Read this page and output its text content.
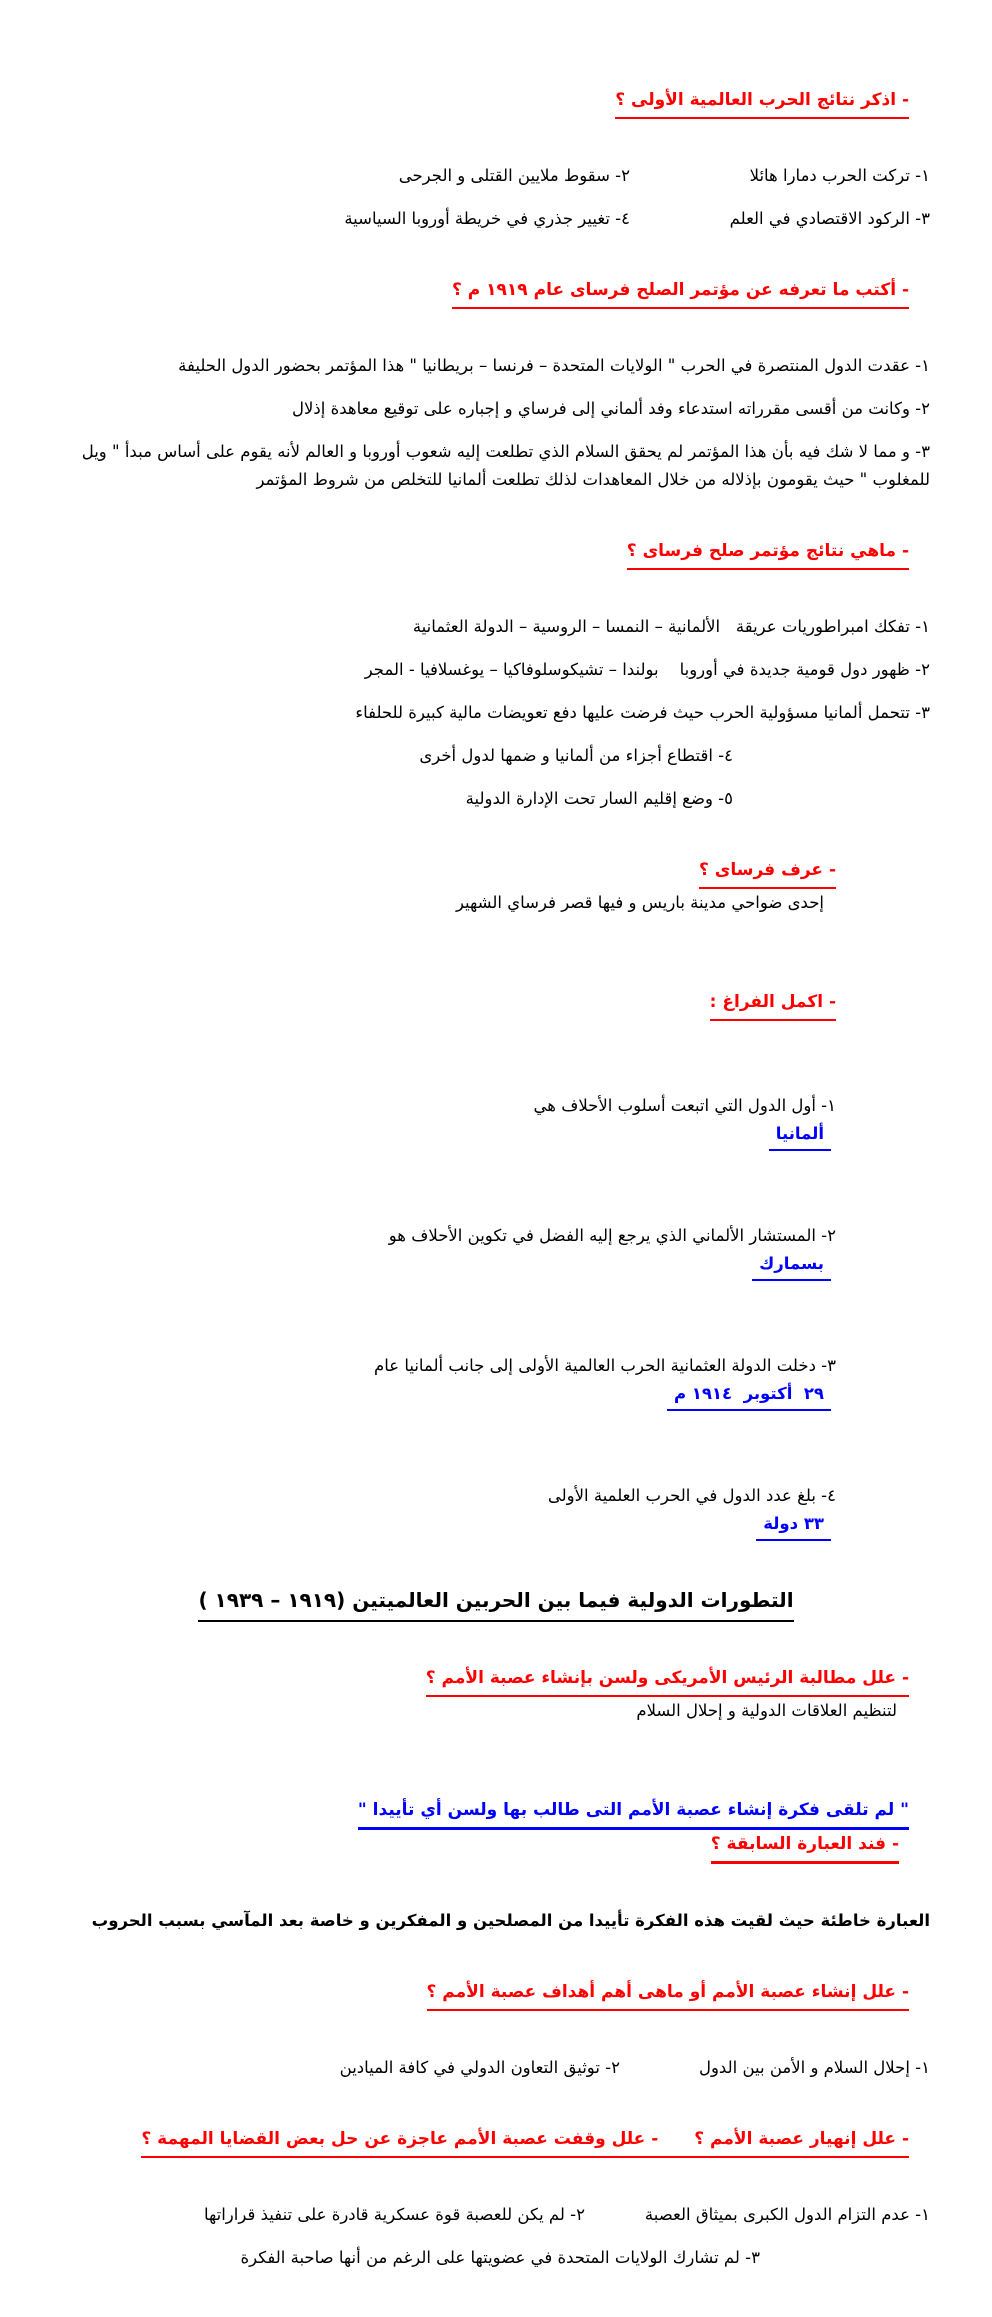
- اذكر نتائج الحرب العالمية الأولى ؟

١- تركت الحرب دمارا هائلا
٢- سقوط ملايين القتلى و الجرحى
٣- الركود الاقتصادي في العلم
٤- تغيير جذري في خريطة أوروبا السياسية

- أكتب ما تعرفه عن مؤتمر الصلح فرساى عام ١٩١٩ م ؟

١- عقدت الدول المنتصرة في الحرب " الولايات المتحدة – فرنسا – بريطانيا " هذا المؤتمر بحضور الدول الحليفة
٢- وكانت من أقسى مقرراته استدعاء وفد ألماني إلى فرساي و إجباره على توقيع معاهدة إذلال
٣- و مما لا شك فيه بأن هذا المؤتمر لم يحقق السلام الذي تطلعت إليه شعوب أوروبا و العالم لأنه يقوم على أساس مبدأ " ويل للمغلوب " حيث يقومون بإذلاله من خلال المعاهدات لذلك تطلعت ألمانيا للتخلص من شروط المؤتمر

- ماهي نتائج مؤتمر صلح فرساى ؟

١- تفكك امبراطوريات عريقة   الألمانية – النمسا – الروسية – الدولة العثمانية
٢- ظهور دول قومية جديدة في أوروبا    بولندا – تشيكوسلوفاكيا – يوغسلافيا - المجر
٣- تتحمل ألمانيا مسؤولية الحرب حيث فرضت عليها دفع تعويضات مالية كبيرة للحلفاء
٤- اقتطاع أجزاء من ألمانيا و ضمها لدول أخرى
٥- وضع إقليم السار تحت الإدارة الدولية

- عرف فرساى ؟
إحدى ضواحي مدينة باريس و فيها قصر فرساي الشهير

- اكمل الفراغ :

١- أول الدول التي اتبعت أسلوب الأحلاف هي
ألمانيا

٢- المستشار الألماني الذي يرجع إليه الفضل في تكوين الأحلاف هو
بسمارك

٣- دخلت الدولة العثمانية الحرب العالمية الأولى إلى جانب ألمانيا عام
٢٩  أكتوبر  ١٩١٤ م

٤- بلغ عدد الدول في الحرب العلمية الأولى
٣٣ دولة

التطورات الدولية فيما بين الحربين العالميتين (١٩١٩ – ١٩٣٩ )

- علل مطالبة الرئيس الأمريكى ولسن بإنشاء عصبة الأمم ؟
لتنظيم العلاقات الدولية و إحلال السلام

" لم تلقى فكرة إنشاء عصبة الأمم التى طالب بها ولسن أي تأييدا "
- فند العبارة السابقة ؟

العبارة خاطئة حيث لقيت هذه الفكرة تأييدا من المصلحين و المفكرين و خاصة بعد المآسي بسبب الحروب

- علل إنشاء عصبة الأمم أو ماهى أهم أهداف عصبة الأمم ؟

١- إحلال السلام و الأمن بين الدول
٢- توثيق التعاون الدولي في كافة الميادين

- علل إنهيار عصبة الأمم ؟- علل وقفت عصبة الأمم عاجزة عن حل بعض القضايا المهمة ؟

١- عدم التزام الدول الكبرى بميثاق العصبة
٢- لم يكن للعصبة قوة عسكرية قادرة على تنفيذ قراراتها
٣- لم تشارك الولايات المتحدة في عضويتها على الرغم من أنها صاحبة الفكرة
